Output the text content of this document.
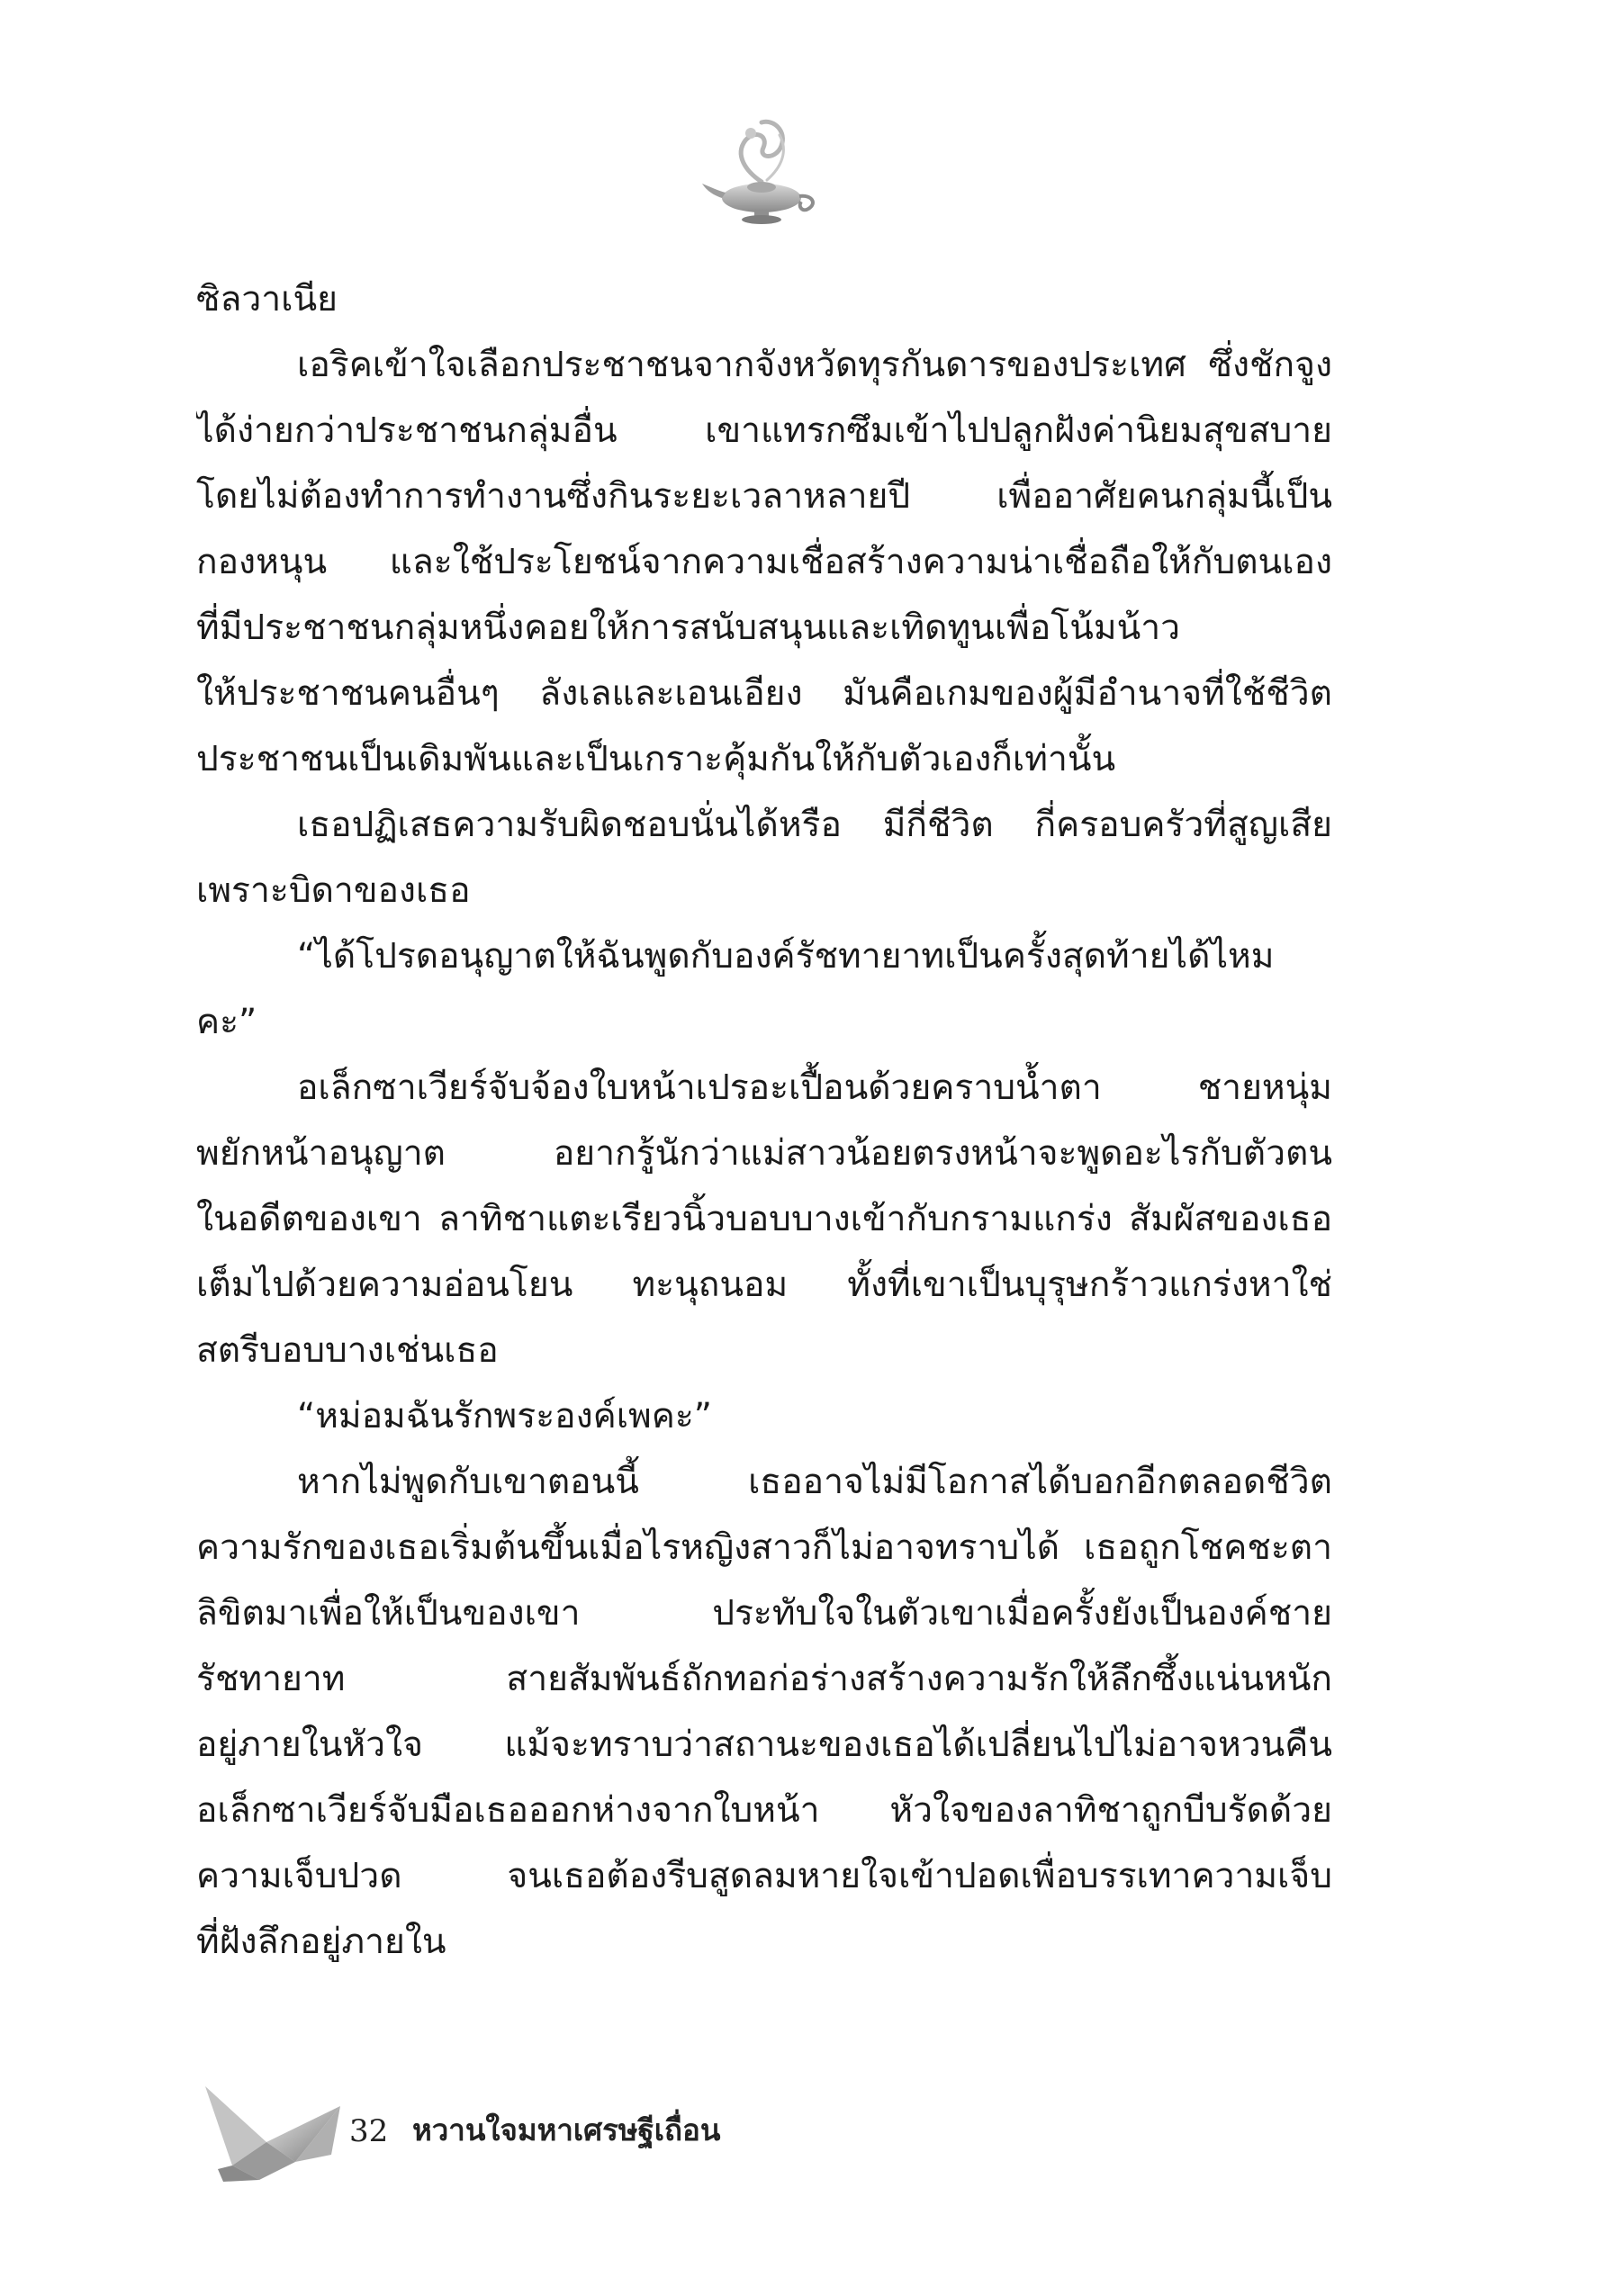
ซิลวาเนีย
เอริคเข้าใจเลือกประชาชนจากจังหวัดทุรกันดารของประเทศ ซึ่งชักจูง
ได้ง่ายกว่าประชาชนกลุ่มอื่น เขาแทรกซึมเข้าไปปลูกฝังค่านิยมสุขสบาย
โดยไม่ต้องทำการทำงานซึ่งกินระยะเวลาหลายปี เพื่ออาศัยคนกลุ่มนี้เป็น
กองหนุน และใช้ประโยชน์จากความเชื่อสร้างความน่าเชื่อถือให้กับตนเอง
ที่มีประชาชนกลุ่มหนึ่งคอยให้การสนับสนุนและเทิดทูนเพื่อโน้มน้าว
ให้ประชาชนคนอื่นๆ ลังเลและเอนเอียง มันคือเกมของผู้มีอำนาจที่ใช้ชีวิต
ประชาชนเป็นเดิมพันและเป็นเกราะคุ้มกันให้กับตัวเองก็เท่านั้น
เธอปฏิเสธความรับผิดชอบนั่นได้หรือ มีกี่ชีวิต กี่ครอบครัวที่สูญเสีย
เพราะบิดาของเธอ
“ได้โปรดอนุญาตให้ฉันพูดกับองค์รัชทายาทเป็นครั้งสุดท้ายได้ไหม
คะ”
อเล็กซาเวียร์จับจ้องใบหน้าเปรอะเปื้อนด้วยคราบน้ำตา ชายหนุ่ม
พยักหน้าอนุญาต อยากรู้นักว่าแม่สาวน้อยตรงหน้าจะพูดอะไรกับตัวตน
ในอดีตของเขา ลาทิชาแตะเรียวนิ้วบอบบางเข้ากับกรามแกร่ง สัมผัสของเธอ
เต็มไปด้วยความอ่อนโยน ทะนุถนอม ทั้งที่เขาเป็นบุรุษกร้าวแกร่งหาใช่
สตรีบอบบางเช่นเธอ
“หม่อมฉันรักพระองค์เพคะ”
หากไม่พูดกับเขาตอนนี้ เธออาจไม่มีโอกาสได้บอกอีกตลอดชีวิต
ความรักของเธอเริ่มต้นขึ้นเมื่อไรหญิงสาวก็ไม่อาจทราบได้ เธอถูกโชคชะตา
ลิขิตมาเพื่อให้เป็นของเขา ประทับใจในตัวเขาเมื่อครั้งยังเป็นองค์ชาย
รัชทายาท สายสัมพันธ์ถักทอก่อร่างสร้างความรักให้ลึกซึ้งแน่นหนัก
อยู่ภายในหัวใจ แม้จะทราบว่าสถานะของเธอได้เปลี่ยนไปไม่อาจหวนคืน
อเล็กซาเวียร์จับมือเธอออกห่างจากใบหน้า หัวใจของลาทิชาถูกบีบรัดด้วย
ความเจ็บปวด จนเธอต้องรีบสูดลมหายใจเข้าปอดเพื่อบรรเทาความเจ็บ
ที่ฝังลึกอยู่ภายใน
32 หวานใจมหาเศรษฐีเถื่อน
